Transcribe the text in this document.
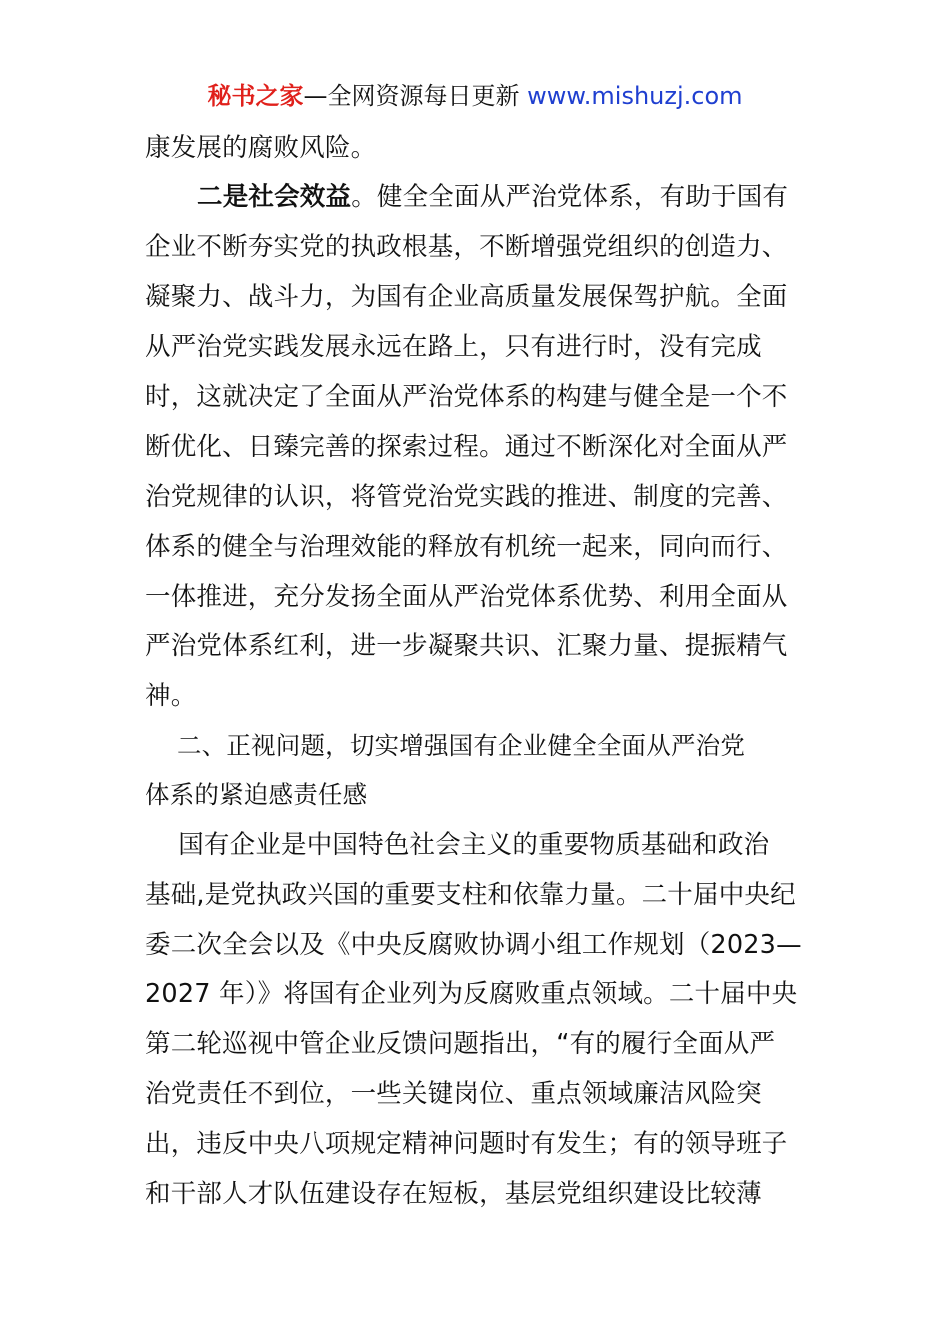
秘书之家—全网资源每日更新 www.mishuzj.com
康发展的腐败风险。
二是社会效益。健全全面从严治党体系，有助于国有
企业不断夯实党的执政根基，不断增强党组织的创造力、
凝聚力、战斗力，为国有企业高质量发展保驾护航。全面
从严治党实践发展永远在路上，只有进行时，没有完成
时，这就决定了全面从严治党体系的构建与健全是一个不
断优化、日臻完善的探索过程。通过不断深化对全面从严
治党规律的认识，将管党治党实践的推进、制度的完善、
体系的健全与治理效能的释放有机统一起来，同向而行、
一体推进，充分发扬全面从严治党体系优势、利用全面从
严治党体系红利，进一步凝聚共识、汇聚力量、提振精气
神。
二、正视问题，切实增强国有企业健全全面从严治党
体系的紧迫感责任感
国有企业是中国特色社会主义的重要物质基础和政治
基础,是党执政兴国的重要支柱和依靠力量。二十届中央纪
委二次全会以及《中央反腐败协调小组工作规划（2023—
2027 年）》将国有企业列为反腐败重点领域。二十届中央
第二轮巡视中管企业反馈问题指出，“有的履行全面从严
治党责任不到位，一些关键岗位、重点领域廉洁风险突
出，违反中央八项规定精神问题时有发生；有的领导班子
和干部人才队伍建设存在短板，基层党组织建设比较薄
